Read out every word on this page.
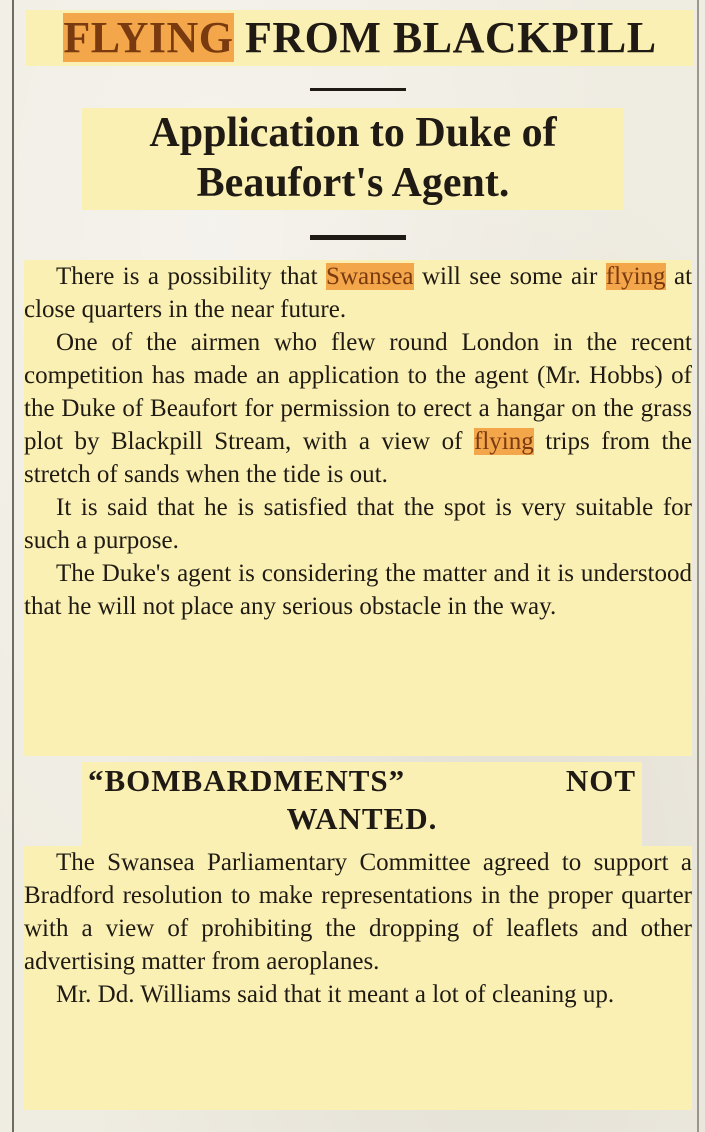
FLYING FROM BLACKPILL
Application to Duke of
Beaufort's Agent.

There is a possibility that Swansea will see some air flying at close quarters in the near future.

One of the airmen who flew round London in the recent competition has made an application to the agent (Mr. Hobbs) of the Duke of Beaufort for permission to erect a hangar on the grass plot by Blackpill Stream, with a view of flying trips from the stretch of sands when the tide is out.

It is said that he is satisfied that the spot is very suitable for such a purpose.

The Duke's agent is considering the matter and it is understood that he will not place any serious obstacle in the way.

“BOMBARDMENTS”	NOT
WANTED.

The Swansea Parliamentary Committee agreed to support a Bradford resolution to make representations in the proper quarter with a view of prohibiting the dropping of leaflets and other advertising matter from aeroplanes.

Mr. Dd. Williams said that it meant a lot of cleaning up.
